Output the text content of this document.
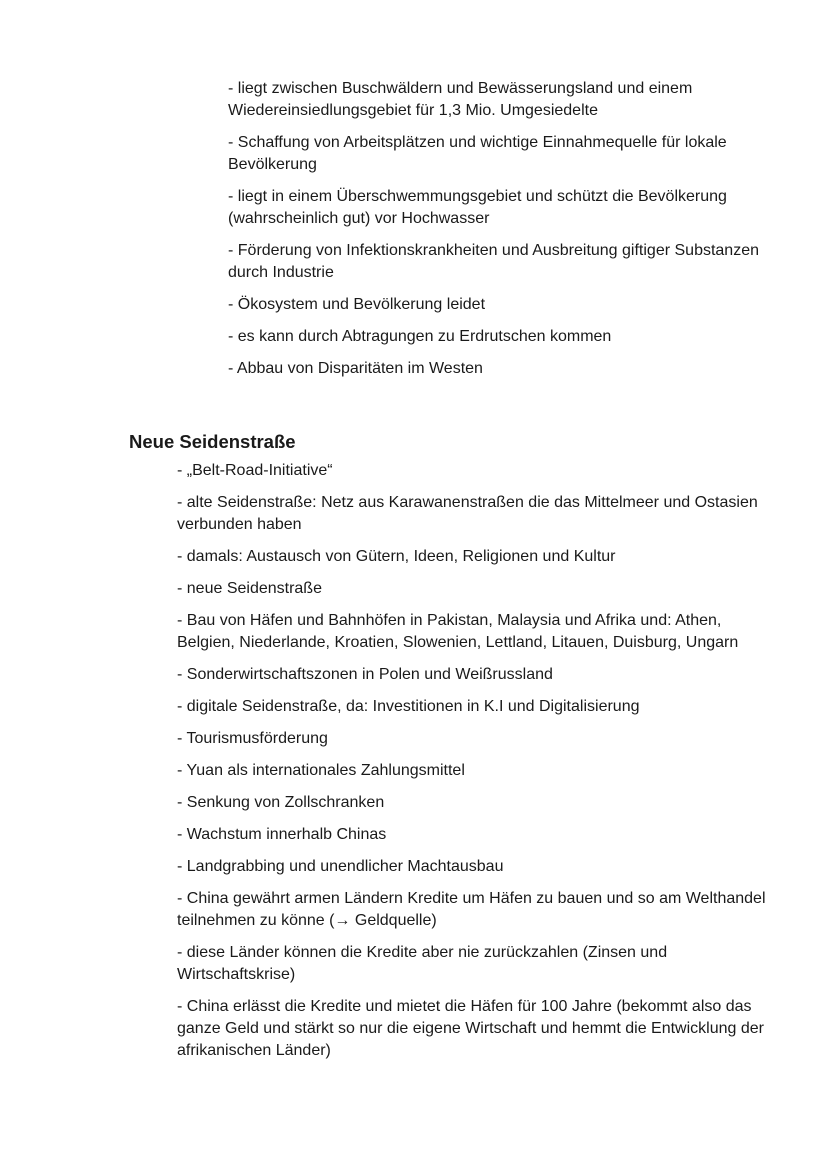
- liegt zwischen Buschwäldern und Bewässerungsland und einem Wiedereinsiedlungsgebiet für 1,3 Mio. Umgesiedelte
- Schaffung von Arbeitsplätzen und wichtige Einnahmequelle für lokale Bevölkerung
- liegt in einem Überschwemmungsgebiet und schützt die Bevölkerung (wahrscheinlich gut) vor Hochwasser
- Förderung von Infektionskrankheiten und Ausbreitung giftiger Substanzen durch Industrie
- Ökosystem und Bevölkerung leidet
- es kann durch Abtragungen zu Erdrutschen kommen
- Abbau von Disparitäten im Westen
Neue Seidenstraße
- „Belt-Road-Initiative“
- alte Seidenstraße: Netz aus Karawanenstraßen die das Mittelmeer und Ostasien verbunden haben
- damals: Austausch von Gütern, Ideen, Religionen und Kultur
- neue Seidenstraße
- Bau von Häfen und Bahnhöfen in Pakistan, Malaysia und Afrika und: Athen, Belgien, Niederlande, Kroatien, Slowenien, Lettland, Litauen, Duisburg, Ungarn
- Sonderwirtschaftszonen in Polen und Weißrussland
- digitale Seidenstraße, da: Investitionen in K.I und Digitalisierung
- Tourismusförderung
- Yuan als internationales Zahlungsmittel
- Senkung von Zollschranken
- Wachstum innerhalb Chinas
- Landgrabbing und unendlicher Machtausbau
- China gewährt armen Ländern Kredite um Häfen zu bauen und so am Welthandel teilnehmen zu könne (→ Geldquelle)
- diese Länder können die Kredite aber nie zurückzahlen (Zinsen und Wirtschaftskrise)
- China erlässt die Kredite und mietet die Häfen für 100 Jahre (bekommt also das ganze Geld und stärkt so nur die eigene Wirtschaft und hemmt die Entwicklung der afrikanischen Länder)
